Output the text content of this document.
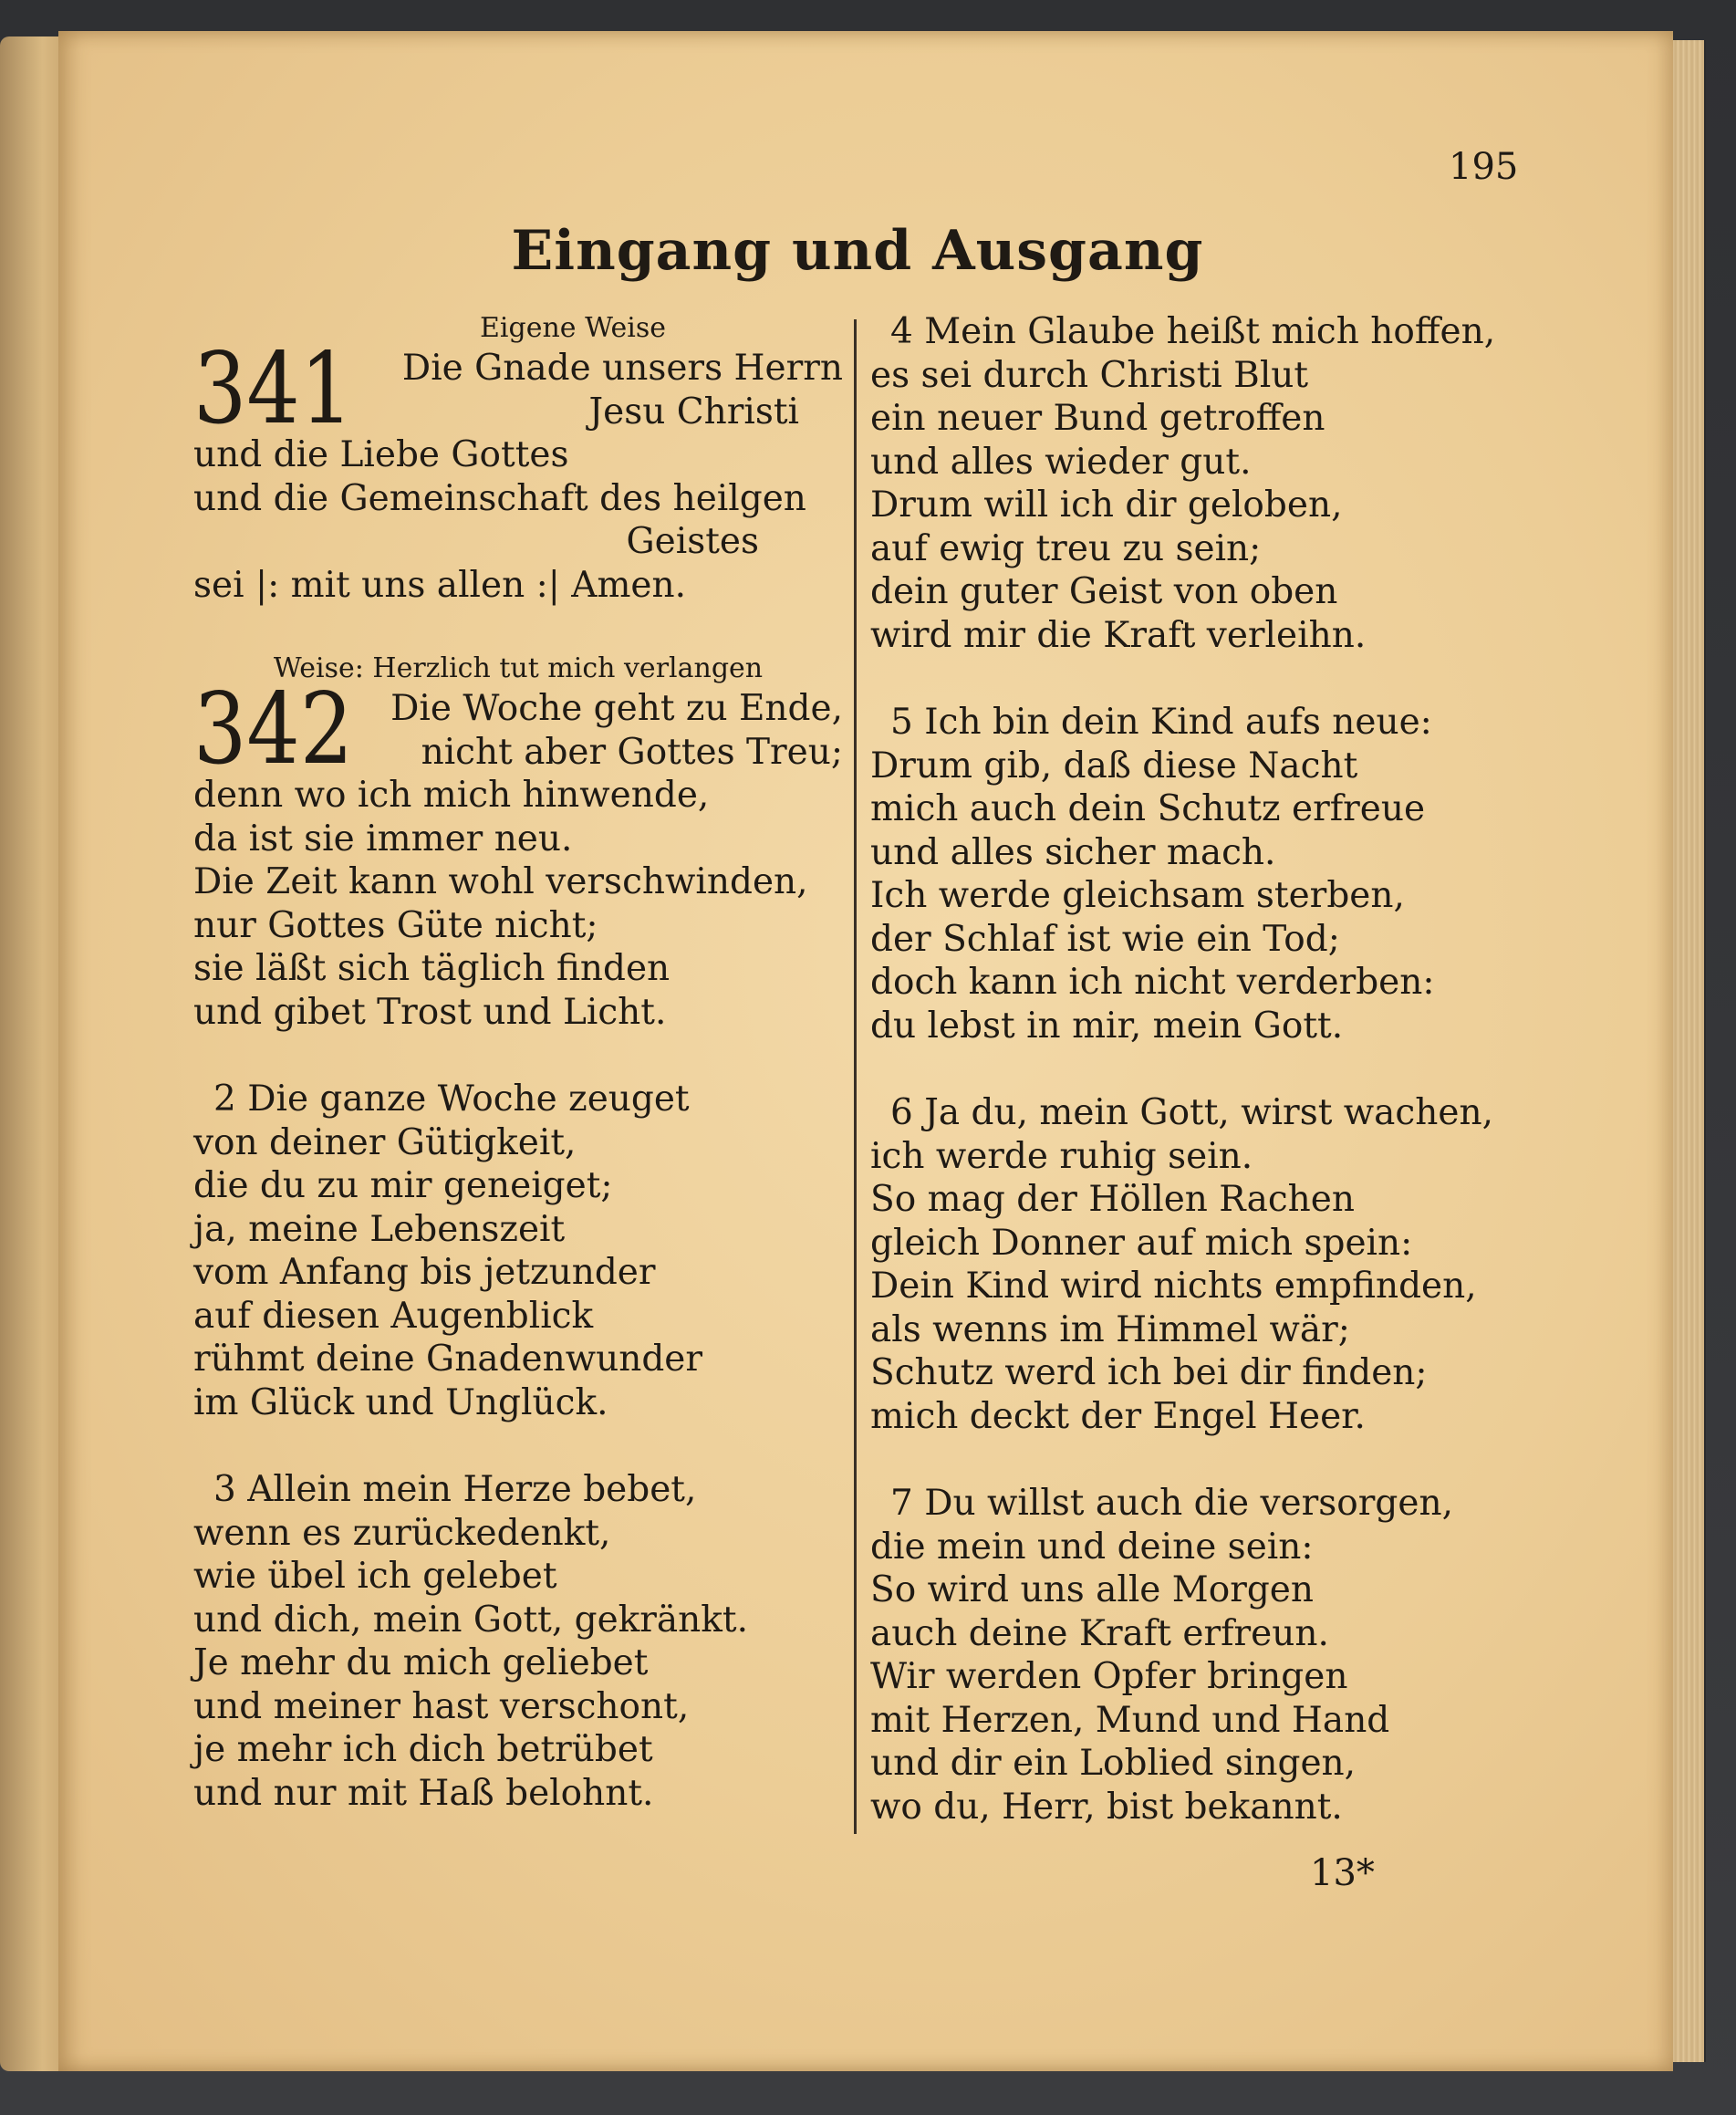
195
Eingang und Ausgang
Eigene Weise
341	Die Gnade unsers Herrn
Jesu Christi
und die Liebe Gottes
und die Gemeinschaft des heilgen
Geistes
sei |: mit uns allen :| Amen.
Weise: Herzlich tut mich verlangen
342	Die Woche geht zu Ende,
nicht aber Gottes Treu;
denn wo ich mich hinwende,
da ist sie immer neu.
Die Zeit kann wohl verschwinden,
nur Gottes Güte nicht;
sie läßt sich täglich finden
und gibet Trost und Licht.
2 Die ganze Woche zeuget
von deiner Gütigkeit,
die du zu mir geneiget;
ja, meine Lebenszeit
vom Anfang bis jetzunder
auf diesen Augenblick
rühmt deine Gnadenwunder
im Glück und Unglück.
3 Allein mein Herze bebet,
wenn es zurückedenkt,
wie übel ich gelebet
und dich, mein Gott, gekränkt.
Je mehr du mich geliebet
und meiner hast verschont,
je mehr ich dich betrübet
und nur mit Haß belohnt.
4 Mein Glaube heißt mich hoffen,
es sei durch Christi Blut
ein neuer Bund getroffen
und alles wieder gut.
Drum will ich dir geloben,
auf ewig treu zu sein;
dein guter Geist von oben
wird mir die Kraft verleihn.
5 Ich bin dein Kind aufs neue:
Drum gib, daß diese Nacht
mich auch dein Schutz erfreue
und alles sicher mach.
Ich werde gleichsam sterben,
der Schlaf ist wie ein Tod;
doch kann ich nicht verderben:
du lebst in mir, mein Gott.
6 Ja du, mein Gott, wirst wachen,
ich werde ruhig sein.
So mag der Höllen Rachen
gleich Donner auf mich spein:
Dein Kind wird nichts empfinden,
als wenns im Himmel wär;
Schutz werd ich bei dir finden;
mich deckt der Engel Heer.
7 Du willst auch die versorgen,
die mein und deine sein:
So wird uns alle Morgen
auch deine Kraft erfreun.
Wir werden Opfer bringen
mit Herzen, Mund und Hand
und dir ein Loblied singen,
wo du, Herr, bist bekannt.
13*
